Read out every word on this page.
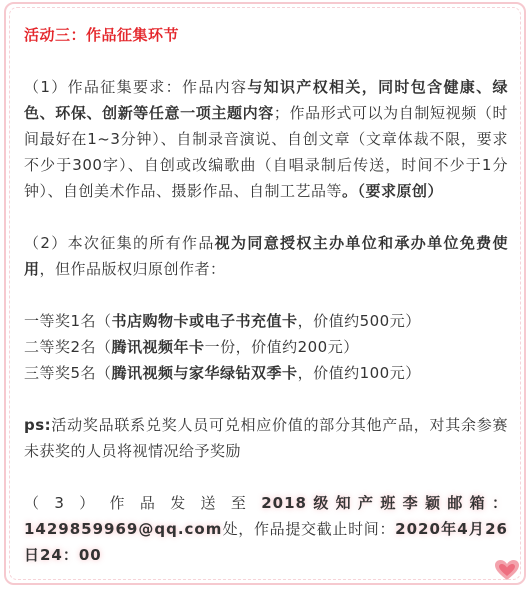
活动三：作品征集环节

（1）作品征集要求：作品内容与知识产权相关，同时包含健康、绿色、环保、创新等任意一项主题内容；作品形式可以为自制短视频（时间最好在1~3分钟）、自制录音演说、自创文章（文章体裁不限，要求不少于300字）、自创或改编歌曲（自唱录制后传送，时间不少于1分钟）、自创美术作品、摄影作品、自制工艺品等。（要求原创）

（2）本次征集的所有作品视为同意授权主办单位和承办单位免费使用，但作品版权归原创作者：

一等奖1名（书店购物卡或电子书充值卡，价值约500元）

二等奖2名（腾讯视频年卡一份，价值约200元）

三等奖5名（腾讯视频与家华绿钻双季卡，价值约100元）

ps:活动奖品联系兑奖人员可兑相应价值的部分其他产品，对其余参赛未获奖的人员将视情况给予奖励

（3）作品发送至2018级知产班李颖邮箱：1429859969@qq.com处，作品提交截止时间：2020年4月26日24：00
